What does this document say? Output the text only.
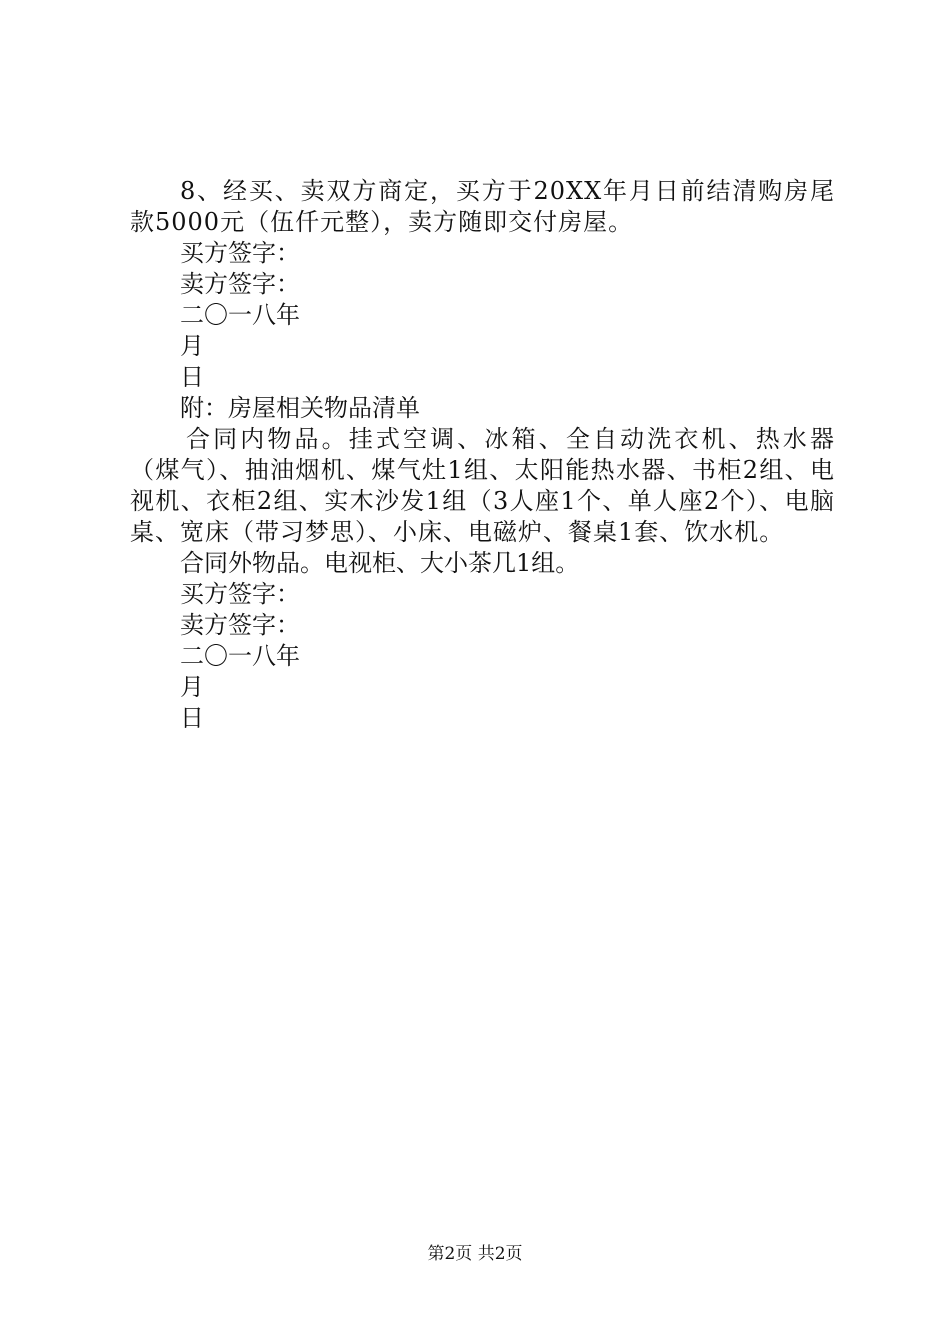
8、经买、卖双方商定，买方于20XX年月日前结清购房尾款5000元（伍仟元整），卖方随即交付房屋。

买方签字：

卖方签字：

二〇一八年

月

日

附：房屋相关物品清单

合同内物品。挂式空调、冰箱、全自动洗衣机、热水器（煤气）、抽油烟机、煤气灶1组、太阳能热水器、书柜2组、电视机、衣柜2组、实木沙发1组（3人座1个、单人座2个）、电脑桌、宽床（带习梦思）、小床、电磁炉、餐桌1套、饮水机。

合同外物品。电视柜、大小茶几1组。

买方签字：

卖方签字：

二〇一八年

月

日

第2页 共2页
